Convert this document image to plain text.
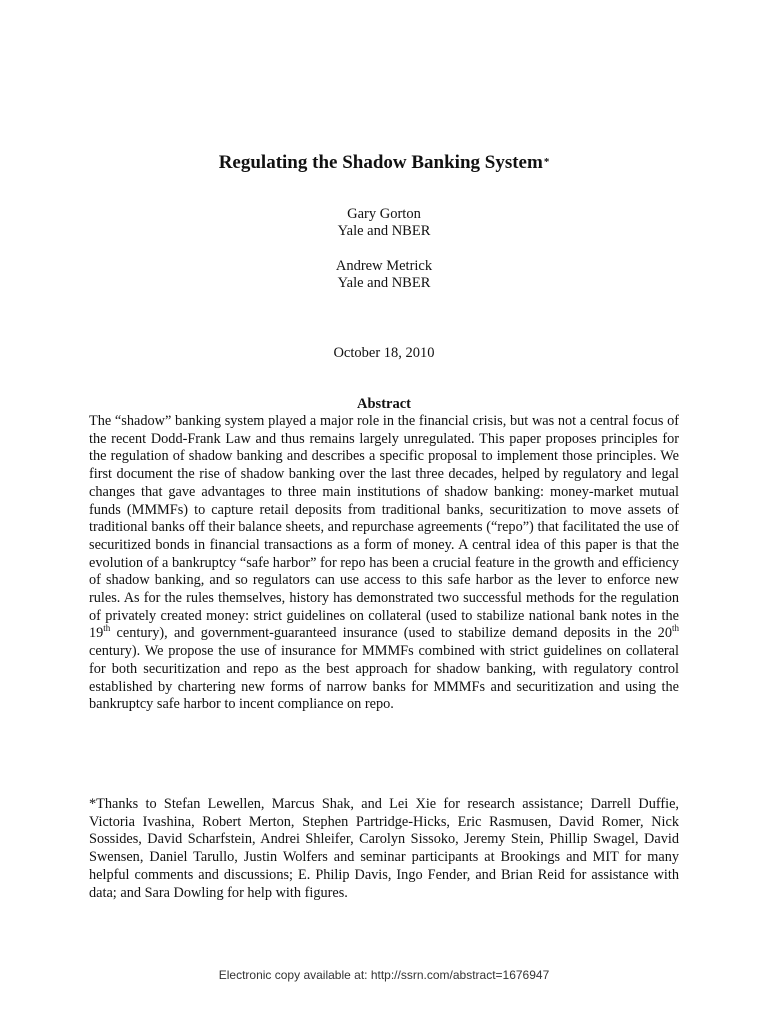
Regulating the Shadow Banking System*
Gary Gorton
Yale and NBER
Andrew Metrick
Yale and NBER
October 18, 2010
Abstract

The “shadow” banking system played a major role in the financial crisis, but was not a central focus of the recent Dodd-Frank Law and thus remains largely unregulated. This paper proposes principles for the regulation of shadow banking and describes a specific proposal to implement those principles. We first document the rise of shadow banking over the last three decades, helped by regulatory and legal changes that gave advantages to three main institutions of shadow banking: money-market mutual funds (MMMFs) to capture retail deposits from traditional banks, securitization to move assets of traditional banks off their balance sheets, and repurchase agreements (“repo”) that facilitated the use of securitized bonds in financial transactions as a form of money. A central idea of this paper is that the evolution of a bankruptcy “safe harbor” for repo has been a crucial feature in the growth and efficiency of shadow banking, and so regulators can use access to this safe harbor as the lever to enforce new rules. As for the rules themselves, history has demonstrated two successful methods for the regulation of privately created money: strict guidelines on collateral (used to stabilize national bank notes in the 19th century), and government-guaranteed insurance (used to stabilize demand deposits in the 20th century). We propose the use of insurance for MMMFs combined with strict guidelines on collateral for both securitization and repo as the best approach for shadow banking, with regulatory control established by chartering new forms of narrow banks for MMMFs and securitization and using the bankruptcy safe harbor to incent compliance on repo.

*Thanks to Stefan Lewellen, Marcus Shak, and Lei Xie for research assistance; Darrell Duffie, Victoria Ivashina, Robert Merton, Stephen Partridge-Hicks, Eric Rasmusen, David Romer, Nick Sossides, David Scharfstein, Andrei Shleifer, Carolyn Sissoko, Jeremy Stein, Phillip Swagel, David Swensen, Daniel Tarullo, Justin Wolfers and seminar participants at Brookings and MIT for many helpful comments and discussions; E. Philip Davis, Ingo Fender, and Brian Reid for assistance with data; and Sara Dowling for help with figures.

Electronic copy available at: http://ssrn.com/abstract=1676947
